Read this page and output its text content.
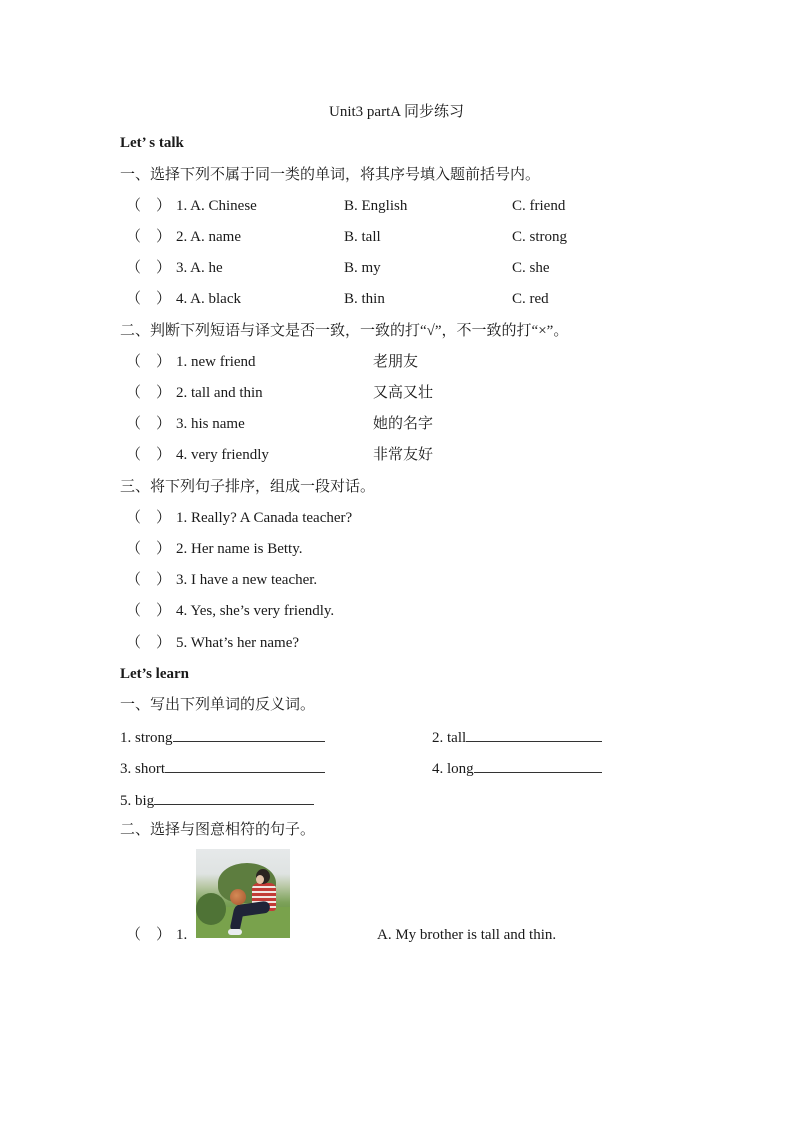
Unit3 partA 同步练习
Let’ s talk
一、选择下列不属于同一类的单词，将其序号填入题前括号内。
（　） 1. A. Chinese	B. English	C. friend
（　） 2. A. name	B. tall	C. strong
（　） 3. A. he	B. my	C. she
（　） 4. A. black	B. thin	C. red
二、判断下列短语与译文是否一致，一致的打“√”，不一致的打“×”。
（　） 1. new friend	老朋友
（　） 2. tall and thin	又高又壮
（　） 3. his name	她的名字
（　） 4. very friendly	非常友好
三、将下列句子排序，组成一段对话。
（　） 1. Really? A Canada teacher?
（　） 2. Her name is Betty.
（　） 3. I have a new teacher.
（　） 4. Yes, she’s very friendly.
（　） 5. What’s her name?
Let’s learn
一、写出下列单词的反义词。
1. strong	2. tall
3. short	4. long
5. big
二、选择与图意相符的句子。
（　） 1.	A. My brother is tall and thin.
